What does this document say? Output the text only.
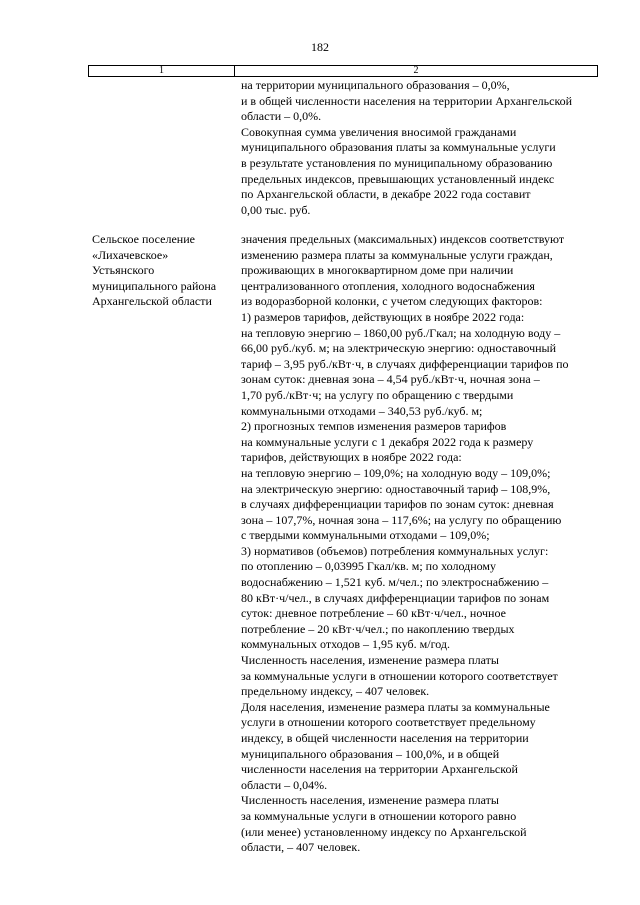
182
1	2
на территории муниципального образования – 0,0%,
и в общей численности населения на территории Архангельской
области – 0,0%.
Совокупная сумма увеличения вносимой гражданами
муниципального образования платы за коммунальные услуги
в результате установления по муниципальному образованию
предельных индексов, превышающих установленный индекс
по Архангельской области, в декабре 2022 года составит
0,00 тыс. руб.
Сельское поселение
«Лихачевское»
Устьянского
муниципального района
Архангельской области
значения предельных (максимальных) индексов соответствуют
изменению размера платы за коммунальные услуги граждан,
проживающих в многоквартирном доме при наличии
централизованного отопления, холодного водоснабжения
из водоразборной колонки, с учетом следующих факторов:
1) размеров тарифов, действующих в ноябре 2022 года:
на тепловую энергию – 1860,00 руб./Гкал; на холодную воду –
66,00 руб./куб. м; на электрическую энергию: одноставочный
тариф – 3,95 руб./кВт·ч, в случаях дифференциации тарифов по
зонам суток: дневная зона – 4,54 руб./кВт·ч, ночная зона –
1,70 руб./кВт·ч; на услугу по обращению с твердыми
коммунальными отходами – 340,53 руб./куб. м;
2) прогнозных темпов изменения размеров тарифов
на коммунальные услуги с 1 декабря 2022 года к размеру
тарифов, действующих в ноябре 2022 года:
на тепловую энергию – 109,0%; на холодную воду – 109,0%;
на электрическую энергию: одноставочный тариф – 108,9%,
в случаях дифференциации тарифов по зонам суток: дневная
зона – 107,7%, ночная зона – 117,6%; на услугу по обращению
с твердыми коммунальными отходами – 109,0%;
3) нормативов (объемов) потребления коммунальных услуг:
по отоплению – 0,03995 Гкал/кв. м; по холодному
водоснабжению – 1,521 куб. м/чел.; по электроснабжению –
80 кВт·ч/чел., в случаях дифференциации тарифов по зонам
суток: дневное потребление – 60 кВт·ч/чел., ночное
потребление – 20 кВт·ч/чел.; по накоплению твердых
коммунальных отходов – 1,95 куб. м/год.
Численность населения, изменение размера платы
за коммунальные услуги в отношении которого соответствует
предельному индексу, – 407 человек.
Доля населения, изменение размера платы за коммунальные
услуги в отношении которого соответствует предельному
индексу, в общей численности населения на территории
муниципального образования – 100,0%, и в общей
численности населения на территории Архангельской
области – 0,04%.
Численность населения, изменение размера платы
за коммунальные услуги в отношении которого равно
(или менее) установленному индексу по Архангельской
области, – 407 человек.
